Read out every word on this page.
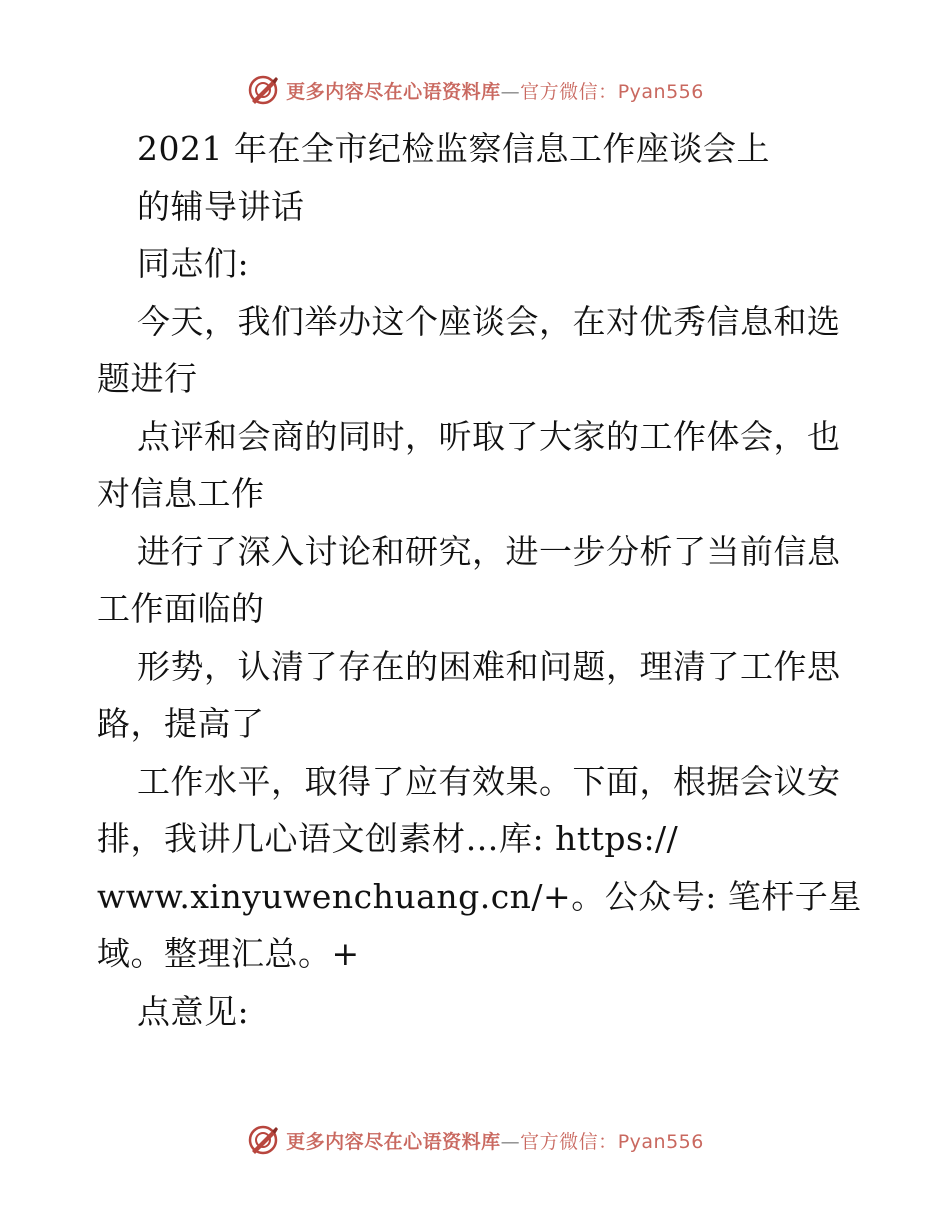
更多内容尽在心语资料库—官方微信：Pyan556
2021 年在全市纪检监察信息工作座谈会上
的辅导讲话
同志们:
今天，我们举办这个座谈会，在对优秀信息和选
题进行
点评和会商的同时，听取了大家的工作体会，也
对信息工作
进行了深入讨论和研究，进一步分析了当前信息
工作面临的
形势，认清了存在的困难和问题，理清了工作思
路，提高了
工作水平，取得了应有效果。下面，根据会议安
排，我讲几心语文创素材…库: https://
www.xinyuwenchuang.cn/+。公众号: 笔杆子星
域。整理汇总。+
点意见:
更多内容尽在心语资料库—官方微信：Pyan556
